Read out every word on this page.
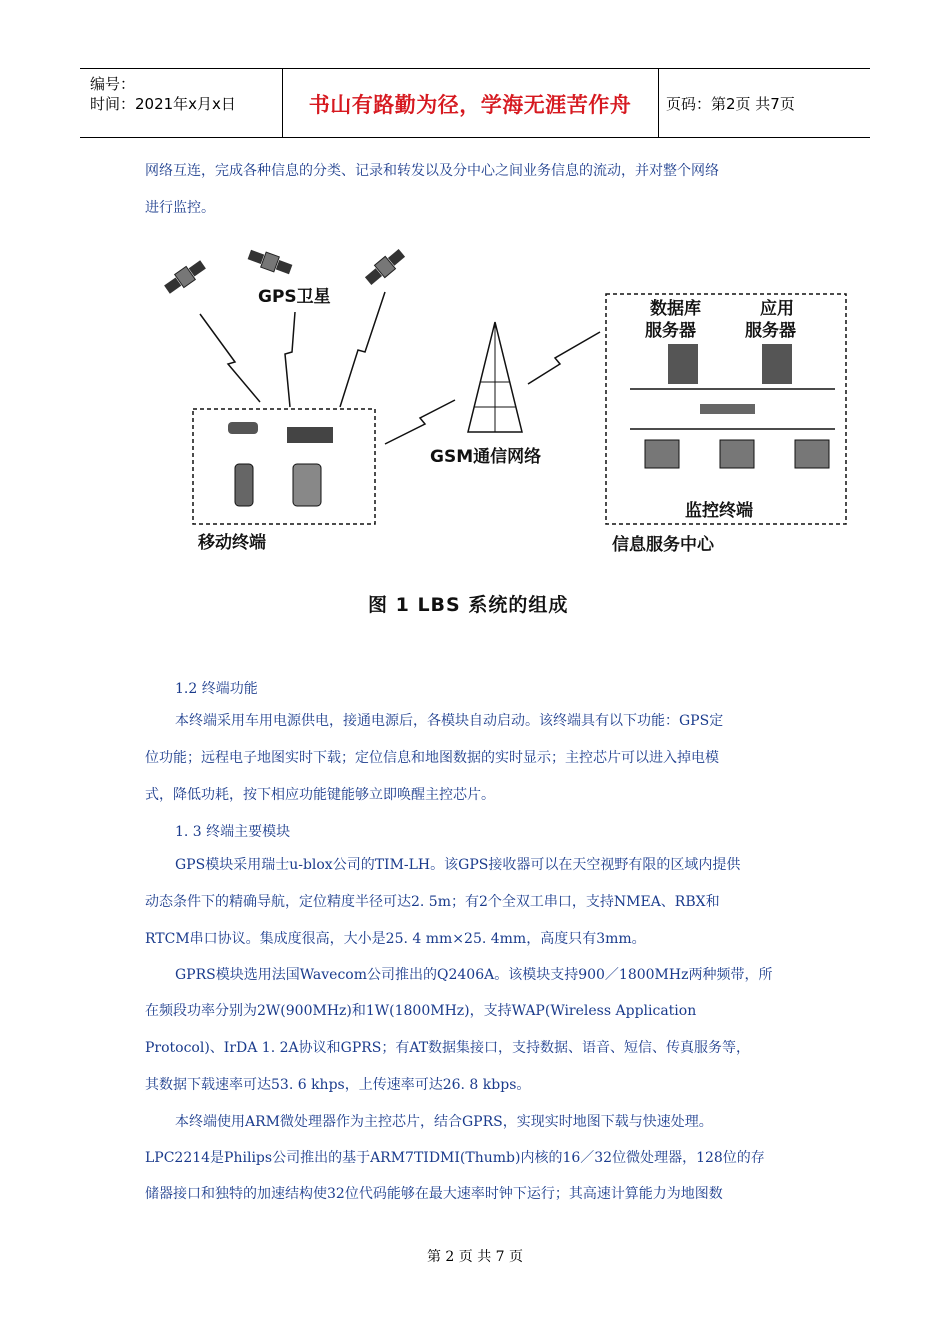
编号：
时间：2021年x月x日	书山有路勤为径，学海无涯苦作舟	页码：第2页 共7页
网络互连，完成各种信息的分类、记录和转发以及分中心之间业务信息的流动，并对整个网络
进行监控。
GPS卫星
移动终端
GSM通信网络
数据库
服务器
应用
服务器
监控终端
信息服务中心
图 1 LBS 系统的组成
1.2 终端功能
本终端采用车用电源供电，接通电源后，各模块自动启动。该终端具有以下功能：GPS定
位功能；远程电子地图实时下载；定位信息和地图数据的实时显示；主控芯片可以进入掉电模
式，降低功耗，按下相应功能键能够立即唤醒主控芯片。
1. 3 终端主要模块
GPS模块采用瑞士u-blox公司的TIM-LH。该GPS接收器可以在天空视野有限的区域内提供
动态条件下的精确导航，定位精度半径可达2. 5m；有2个全双工串口，支持NMEA、RBX和
RTCM串口协议。集成度很高，大小是25. 4 mm×25. 4mm，高度只有3mm。
GPRS模块选用法国Wavecom公司推出的Q2406A。该模块支持900／1800MHz两种频带，所
在频段功率分别为2W(900MHz)和1W(1800MHz)，支持WAP(Wireless Application
Protocol)、IrDA 1. 2A协议和GPRS；有AT数据集接口，支持数据、语音、短信、传真服务等，
其数据下载速率可达53. 6 khps，上传速率可达26. 8 kbps。
本终端使用ARM微处理器作为主控芯片，结合GPRS，实现实时地图下载与快速处理。
LPC2214是Philips公司推出的基于ARM7TIDMI(Thumb)内核的16／32位微处理器，128位的存
储器接口和独特的加速结构使32位代码能够在最大速率时钟下运行；其高速计算能力为地图数
第 2 页 共 7 页
